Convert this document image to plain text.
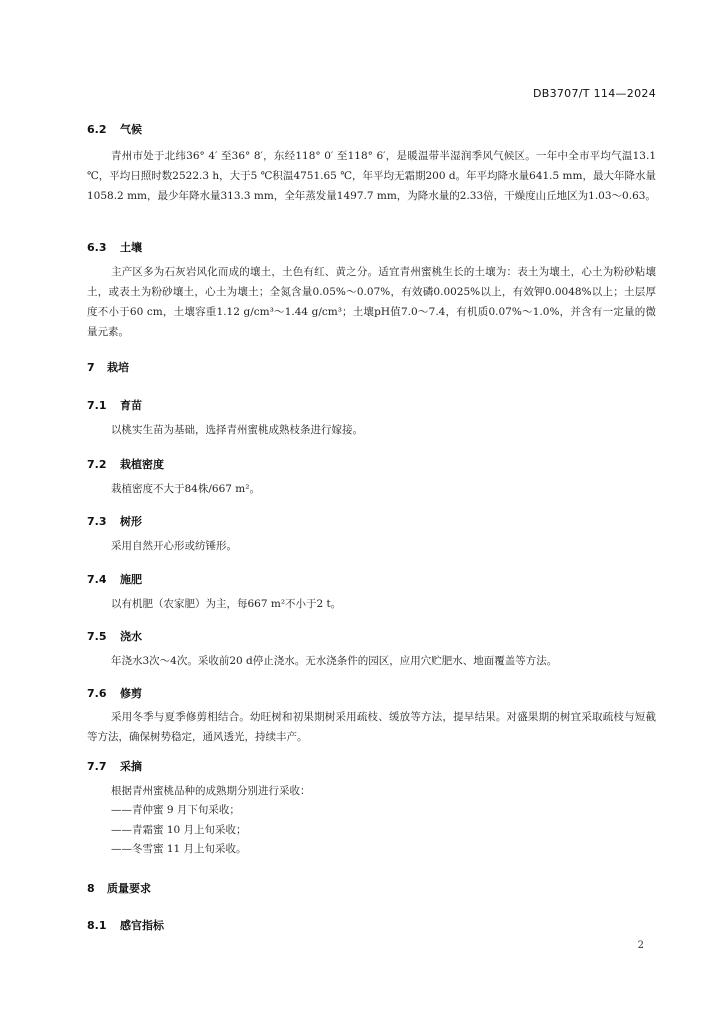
DB3707/T 114—2024
6.2 气候
青州市处于北纬36° 4′ 至36° 8′，东经118° 0′ 至118° 6′，是暖温带半湿润季风气候区。一年中全市平均气温13.1 ℃，平均日照时数2522.3 h，大于5 ℃积温4751.65 ℃，年平均无霜期200 d。年平均降水量641.5 mm，最大年降水量1058.2 mm，最少年降水量313.3 mm，全年蒸发量1497.7 mm，为降水量的2.33倍，干燥度山丘地区为1.03～0.63。
6.3 土壤
主产区多为石灰岩风化而成的壤土，土色有红、黄之分。适宜青州蜜桃生长的土壤为：表土为壤土，心土为粉砂粘壤土，或表土为粉砂壤土，心土为壤土；全氮含量0.05%～0.07%，有效磷0.0025%以上，有效钾0.0048%以上；土层厚度不小于60 cm，土壤容重1.12 g/cm³～1.44 g/cm³；土壤pH值7.0～7.4，有机质0.07%～1.0%，并含有一定量的微量元素。
7 栽培
7.1 育苗
以桃实生苗为基础，选择青州蜜桃成熟枝条进行嫁接。
7.2 栽植密度
栽植密度不大于84株/667 m²。
7.3 树形
采用自然开心形或纺锤形。
7.4 施肥
以有机肥（农家肥）为主，每667 m²不小于2 t。
7.5 浇水
年浇水3次～4次。采收前20 d停止浇水。无水浇条件的园区，应用穴贮肥水、地面覆盖等方法。
7.6 修剪
采用冬季与夏季修剪相结合。幼旺树和初果期树采用疏枝、缓放等方法，提早结果。对盛果期的树宜采取疏枝与短截等方法，确保树势稳定，通风透光，持续丰产。
7.7 采摘
根据青州蜜桃品种的成熟期分别进行采收：
——青仲蜜 9 月下旬采收；
——青霜蜜 10 月上旬采收；
——冬雪蜜 11 月上旬采收。
8 质量要求
8.1 感官指标
2
